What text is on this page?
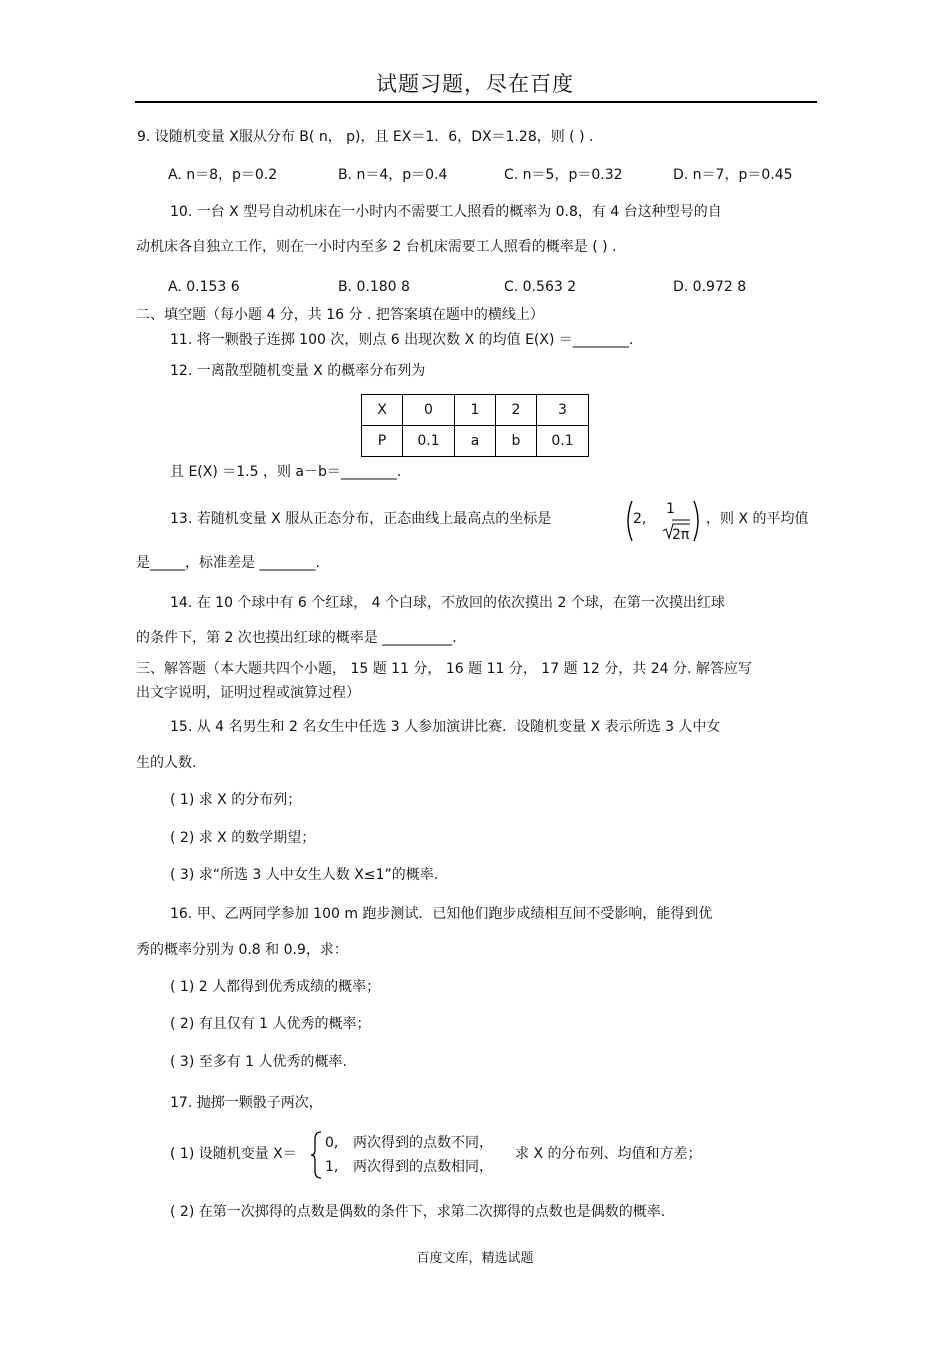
试题习题，尽在百度
9. 设随机变量 X服从分布 B( n， p)，且 EX＝1．6，DX＝1.28，则 ( ) .
A. n＝8，p＝0.2	B. n＝4，p＝0.4	C. n＝5，p＝0.32	D. n＝7，p＝0.45
10. 一台 X 型号自动机床在一小时内不需要工人照看的概率为 0.8，有 4 台这种型号的自
动机床各自独立工作，则在一小时内至多 2 台机床需要工人照看的概率是 ( ) .
A. 0.153 6	B. 0.180 8	C. 0.563 2	D. 0.972 8
二、填空题（每小题 4 分，共 16 分 . 把答案填在题中的横线上）
11. 将一颗骰子连掷 100 次，则点 6 出现次数 X 的均值 E(X) ＝________.
12. 一离散型随机变量 X 的概率分布列为
X	0	1	2	3
P	0.1	a	b	0.1
且 E(X) ＝1.5 ，则 a－b＝________.
13. 若随机变量 X 服从正态分布，正态曲线上最高点的坐标是	2,
1
2π
，则 X 的平均值
是_____，标准差是 ________.
14. 在 10 个球中有 6 个红球， 4 个白球，不放回的依次摸出 2 个球，在第一次摸出红球
的条件下，第 2 次也摸出红球的概率是 __________.
三、解答题（本大题共四个小题， 15 题 11 分， 16 题 11 分， 17 题 12 分，共 24 分. 解答应写
出文字说明，证明过程或演算过程）
15. 从 4 名男生和 2 名女生中任选 3 人参加演讲比赛．设随机变量 X 表示所选 3 人中女
生的人数.
( 1) 求 X 的分布列；
( 2) 求 X 的数学期望；
( 3) 求“所选 3 人中女生人数 X≤1”的概率.
16. 甲、乙两同学参加 100 m 跑步测试．已知他们跑步成绩相互间不受影响，能得到优
秀的概率分别为 0.8 和 0.9，求：
( 1) 2 人都得到优秀成绩的概率；
( 2) 有且仅有 1 人优秀的概率；
( 3) 至多有 1 人优秀的概率.
17. 抛掷一颗骰子两次，
( 1) 设随机变量 X＝
0, 两次得到的点数不同，
1, 两次得到的点数相同，
求 X 的分布列、均值和方差；
( 2) 在第一次掷得的点数是偶数的条件下，求第二次掷得的点数也是偶数的概率.
百度文库，精选试题
